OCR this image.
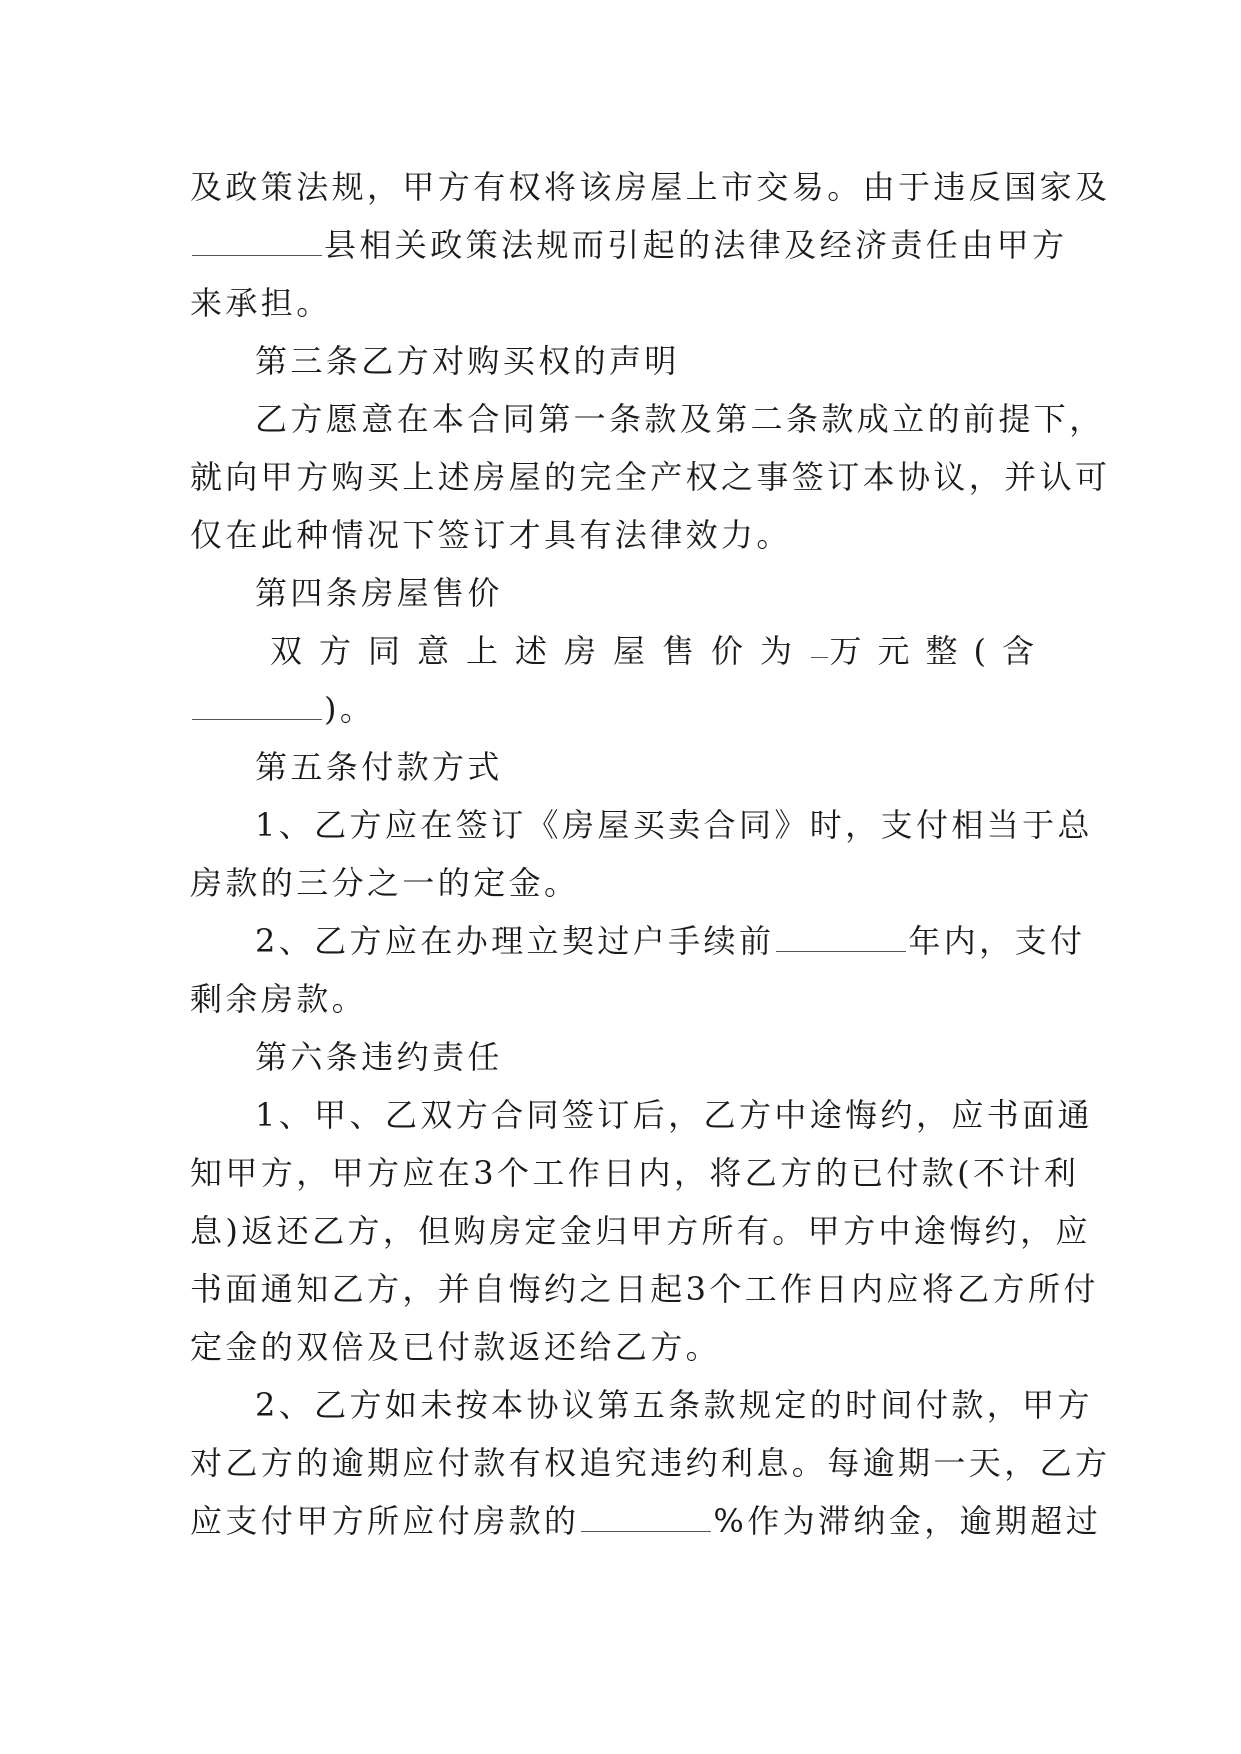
及政策法规，甲方有权将该房屋上市交易。由于违反国家及
县相关政策法规而引起的法律及经济责任由甲方
来承担。
第三条乙方对购买权的声明
乙方愿意在本合同第一条款及第二条款成立的前提下，
就向甲方购买上述房屋的完全产权之事签订本协议，并认可
仅在此种情况下签订才具有法律效力。
第四条房屋售价
双方同意上述房屋售价为 万元整(含
)。
第五条付款方式
1、乙方应在签订《房屋买卖合同》时，支付相当于总
房款的三分之一的定金。
2、乙方应在办理立契过户手续前	年内，支付
剩余房款。
第六条违约责任
1、甲、乙双方合同签订后，乙方中途悔约，应书面通
知甲方，甲方应在3个工作日内，将乙方的已付款(不计利
息)返还乙方，但购房定金归甲方所有。甲方中途悔约，应
书面通知乙方，并自悔约之日起3个工作日内应将乙方所付
定金的双倍及已付款返还给乙方。
2、乙方如未按本协议第五条款规定的时间付款，甲方
对乙方的逾期应付款有权追究违约利息。每逾期一天，乙方
应支付甲方所应付房款的	%作为滞纳金，逾期超过
